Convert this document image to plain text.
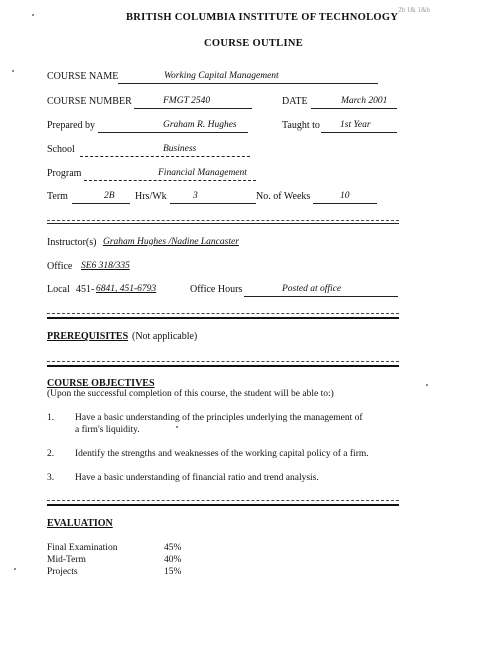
2b 1& 1&b
BRITISH COLUMBIA INSTITUTE OF TECHNOLOGY
COURSE OUTLINE
COURSE NAME	Working Capital Management
COURSE NUMBER	FMGT 2540	DATE	March 2001
Prepared by	Graham R. Hughes	Taught to 1st Year
School	Business
Program	Financial Management
Term	2B Hrs/Wk	3	No. of Weeks	10
Instructor(s) Graham Hughes /Nadine Lancaster
Office SE6 318/335
Local 451- 6841, 451-6793	Office Hours	Posted at office
PREREQUISITES (Not applicable)
COURSE OBJECTIVES
(Upon the successful completion of this course, the student will be able to:)
1. Have a basic understanding of the principles underlying the management of
a firm's liquidity.
2. Identify the strengths and weaknesses of the working capital policy of a firm.
3. Have a basic understanding of financial ratio and trend analysis.
EVALUATION
Final Examination	45%
Mid-Term	40%
Projects	15%
